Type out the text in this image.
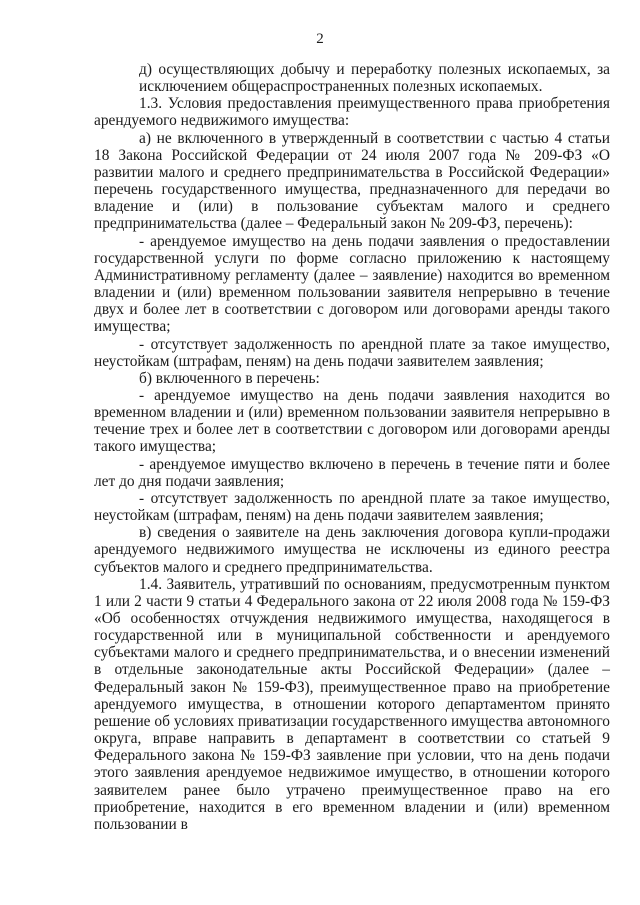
2

д) осуществляющих добычу и переработку полезных ископаемых, за исключением общераспространенных полезных ископаемых.

1.3. Условия предоставления преимущественного права приобретения арендуемого недвижимого имущества:

а) не включенного в утвержденный в соответствии с частью 4 статьи 18 Закона Российской Федерации от 24 июля 2007 года № 209-ФЗ «О развитии малого и среднего предпринимательства в Российской Федерации» перечень государственного имущества, предназначенного для передачи во владение и (или) в пользование субъектам малого и среднего предпринимательства (далее – Федеральный закон № 209-ФЗ, перечень):

- арендуемое имущество на день подачи заявления о предоставлении государственной услуги по форме согласно приложению к настоящему Административному регламенту (далее – заявление) находится во временном владении и (или) временном пользовании заявителя непрерывно в течение двух и более лет в соответствии с договором или договорами аренды такого имущества;

- отсутствует задолженность по арендной плате за такое имущество, неустойкам (штрафам, пеням) на день подачи заявителем заявления;

б) включенного в перечень:

- арендуемое имущество на день подачи заявления находится во временном владении и (или) временном пользовании заявителя непрерывно в течение трех и более лет в соответствии с договором или договорами аренды такого имущества;

- арендуемое имущество включено в перечень в течение пяти и более лет до дня подачи заявления;

- отсутствует задолженность по арендной плате за такое имущество, неустойкам (штрафам, пеням) на день подачи заявителем заявления;

в) сведения о заявителе на день заключения договора купли-продажи арендуемого недвижимого имущества не исключены из единого реестра субъектов малого и среднего предпринимательства.

1.4. Заявитель, утративший по основаниям, предусмотренным пунктом 1 или 2 части 9 статьи 4 Федерального закона от 22 июля 2008 года № 159-ФЗ «Об особенностях отчуждения недвижимого имущества, находящегося в государственной или в муниципальной собственности и арендуемого субъектами малого и среднего предпринимательства, и о внесении изменений в отдельные законодательные акты Российской Федерации» (далее – Федеральный закон № 159-ФЗ), преимущественное право на приобретение арендуемого имущества, в отношении которого департаментом принято решение об условиях приватизации государственного имущества автономного округа, вправе направить в департамент в соответствии со статьей 9 Федерального закона № 159-ФЗ заявление при условии, что на день подачи этого заявления арендуемое недвижимое имущество, в отношении которого заявителем ранее было утрачено преимущественное право на его приобретение, находится в его временном владении и (или) временном пользовании в
